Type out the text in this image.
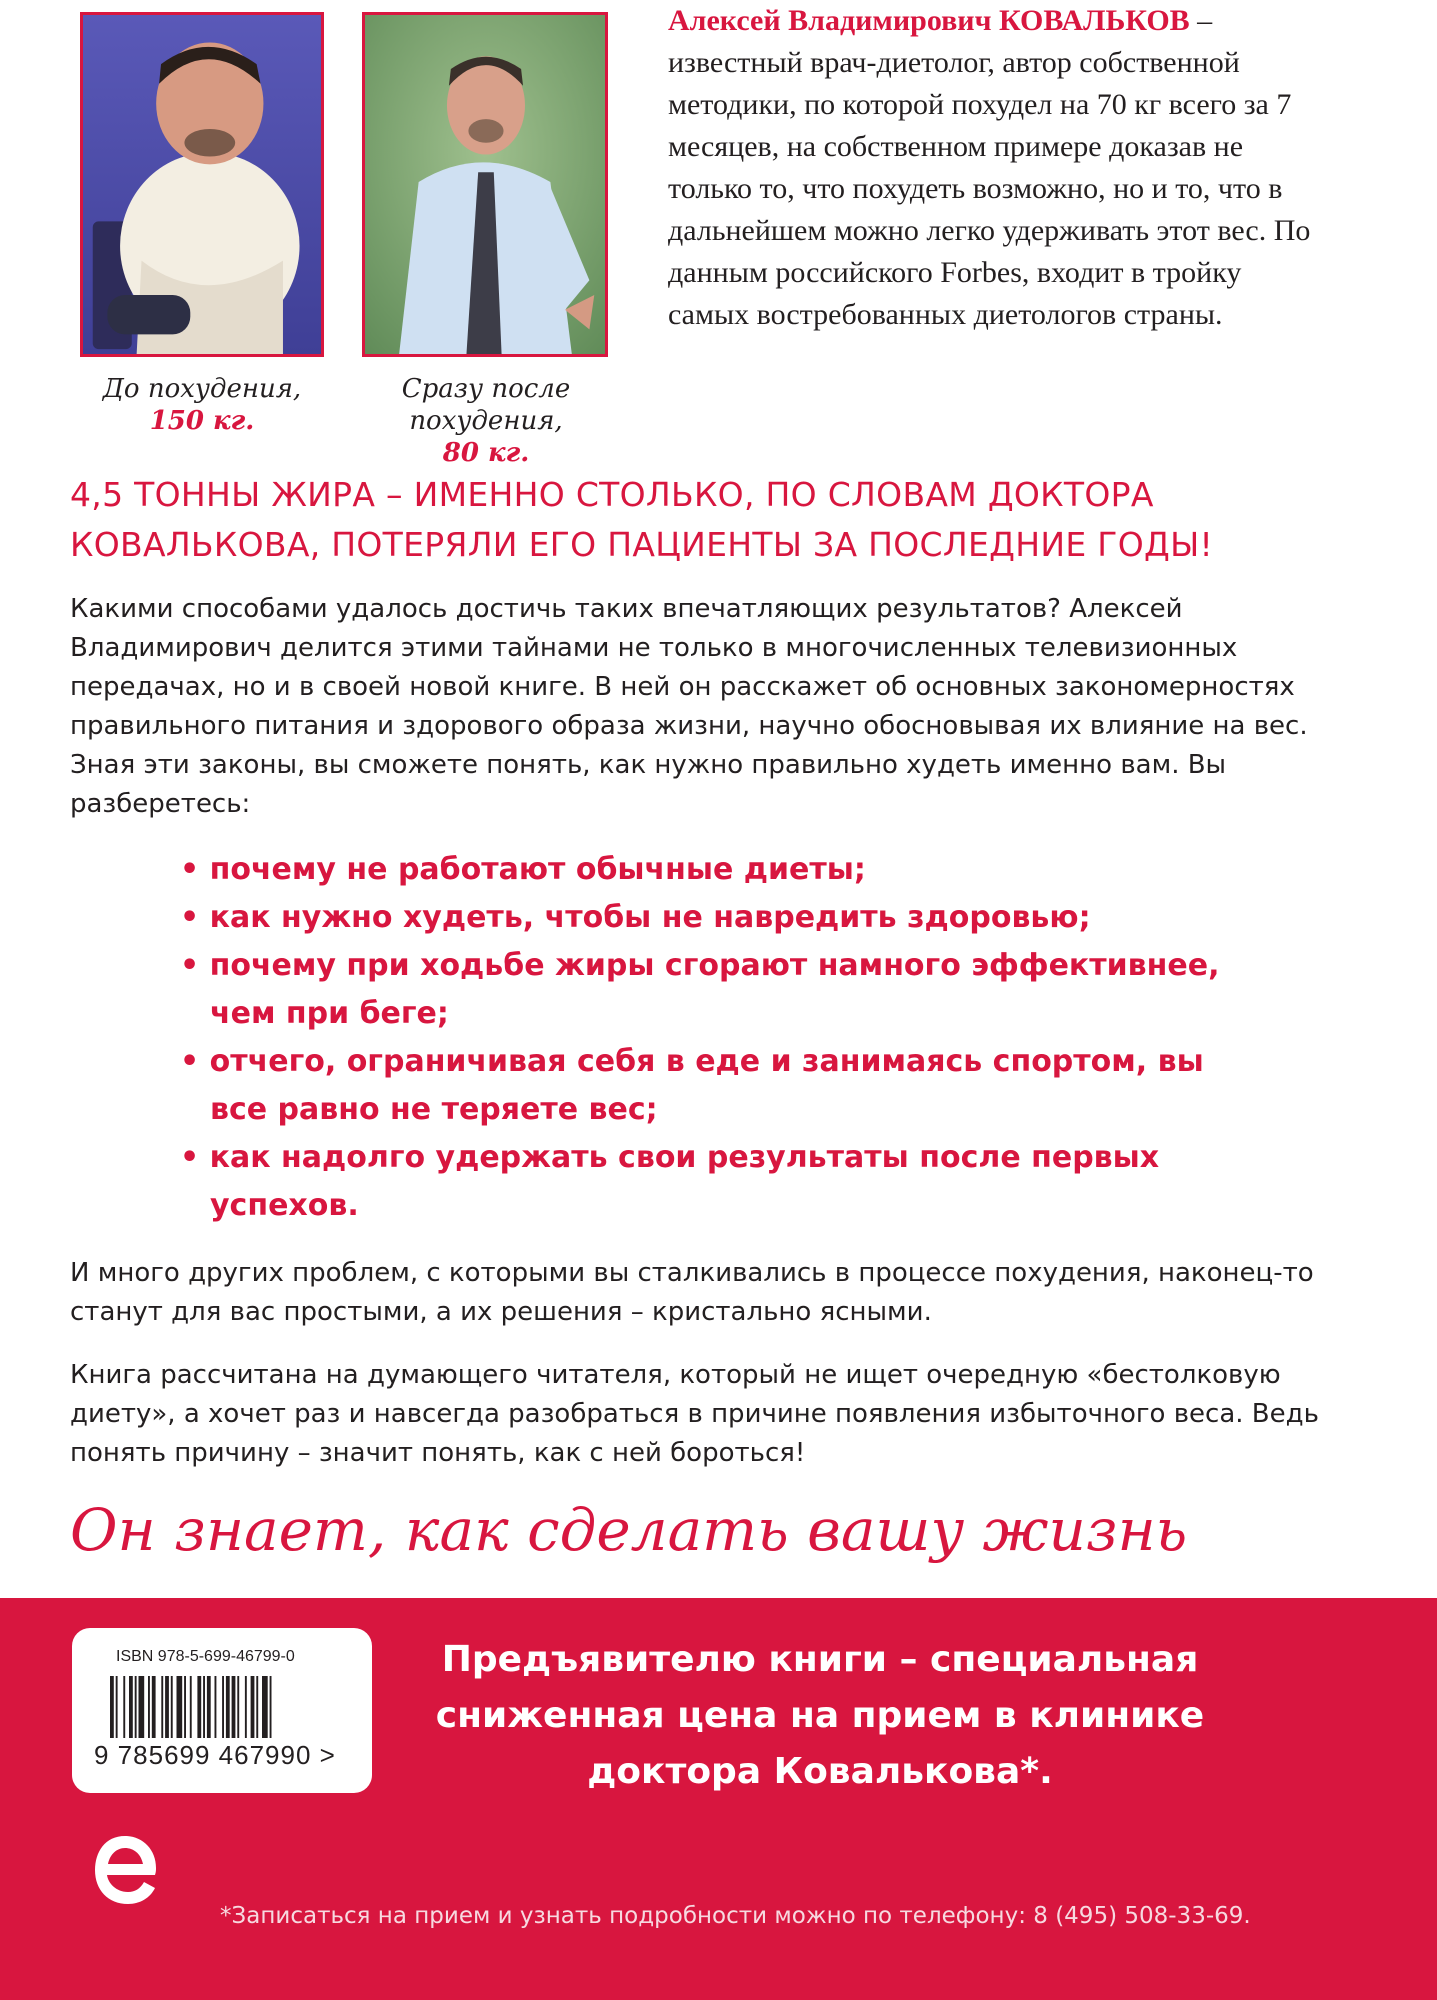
До похудения,
150 кг.
Сразу после похудения,
80 кг.

Алексей Владимирович КОВАЛЬКОВ – известный врач-диетолог, автор собственной методики, по которой похудел на 70 кг всего за 7 месяцев, на собственном примере доказав не только то, что похудеть возможно, но и то, что в дальнейшем можно легко удерживать этот вес. По данным российского Forbes, входит в тройку самых востребованных диетологов страны.

4,5 ТОННЫ ЖИРА – ИМЕННО СТОЛЬКО, ПО СЛОВАМ ДОКТОРА КОВАЛЬКОВА, ПОТЕРЯЛИ ЕГО ПАЦИЕНТЫ ЗА ПОСЛЕДНИЕ ГОДЫ!

Какими способами удалось достичь таких впечатляющих результатов? Алексей Владимирович делится этими тайнами не только в многочисленных телевизионных передачах, но и в своей новой книге. В ней он расскажет об основных закономерностях правильного питания и здорового образа жизни, научно обосновывая их влияние на вес. Зная эти законы, вы сможете понять, как нужно правильно худеть именно вам. Вы разберетесь:

• почему не работают обычные диеты;
• как нужно худеть, чтобы не навредить здоровью;
• почему при ходьбе жиры сгорают намного эффективнее, чем при беге;
• отчего, ограничивая себя в еде и занимаясь спортом, вы все равно не теряете вес;
• как надолго удержать свои результаты после первых успехов.

И много других проблем, с которыми вы сталкивались в процессе похудения, наконец-то станут для вас простыми, а их решения – кристально ясными.

Книга рассчитана на думающего читателя, который не ищет очередную «бестолковую диету», а хочет раз и навсегда разобраться в причине появления избыточного веса. Ведь понять причину – значит понять, как с ней бороться!

Он знает, как сделать вашу жизнь
ISBN 978-5-699-46799-0
9 785699 467990 >

Предъявителю книги – специальная сниженная цена на прием в клинике доктора Ковалькова*.

*Записаться на прием и узнать подробности можно по телефону: 8 (495) 508-33-69.
